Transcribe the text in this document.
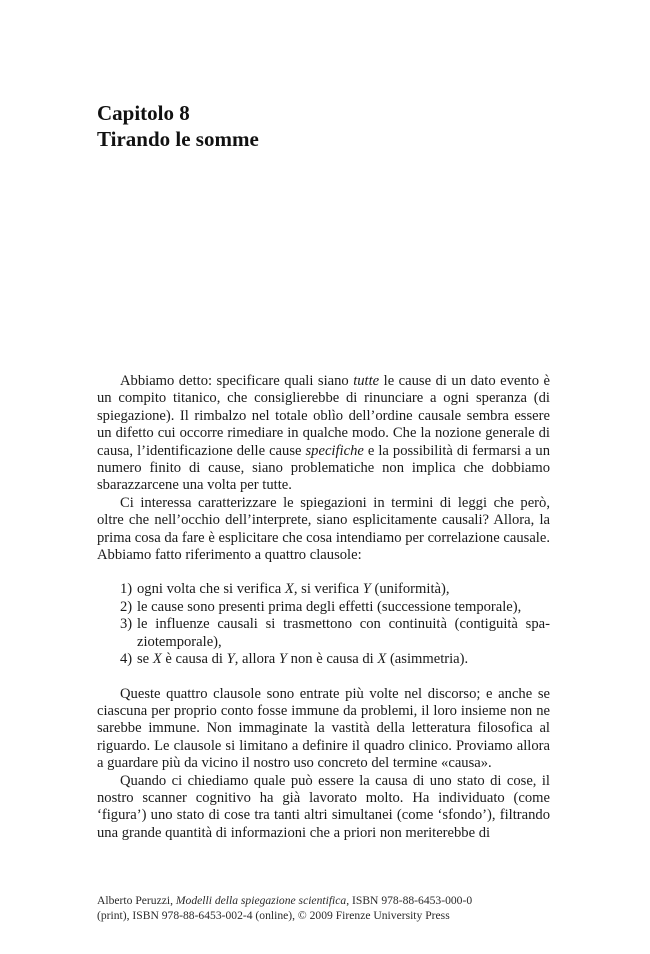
Capitolo 8
Tirando le somme

Abbiamo detto: specificare quali siano tutte le cause di un dato evento è un compito titanico, che consiglierebbe di rinunciare a ogni speranza (di spiegazione). Il rimbalzo nel totale oblìo dell’ordine causale sembra essere un difetto cui occorre rimediare in qualche modo. Che la nozione generale di causa, l’identificazione delle cause specifiche e la possibilità di fermarsi a un numero finito di cause, siano problematiche non implica che dobbiamo sbarazzarcene una volta per tutte.

Ci interessa caratterizzare le spiegazioni in termini di leggi che però, oltre che nell’occhio dell’interprete, siano esplicitamente causali? Allora, la prima cosa da fare è esplicitare che cosa intendiamo per correlazione causale. Abbiamo fatto riferimento a quattro clausole:

1) ogni volta che si verifica X, si verifica Y (uniformità),
2) le cause sono presenti prima degli effetti (successione temporale),
3) le influenze causali si trasmettono con continuità (contiguità spaziotemporale),
4) se X è causa di Y, allora Y non è causa di X (asimmetria).

Queste quattro clausole sono entrate più volte nel discorso; e anche se ciascuna per proprio conto fosse immune da problemi, il loro insieme non ne sarebbe immune. Non immaginate la vastità della letteratura filosofica al riguardo. Le clausole si limitano a definire il quadro clinico. Proviamo allora a guardare più da vicino il nostro uso concreto del termine «causa».

Quando ci chiediamo quale può essere la causa di uno stato di cose, il nostro scanner cognitivo ha già lavorato molto. Ha individuato (come ‘figura’) uno stato di cose tra tanti altri simultanei (come ‘sfondo’), filtrando una grande quantità di informazioni che a priori non meriterebbe di

Alberto Peruzzi, Modelli della spiegazione scientifica, ISBN 978-88-6453-000-0
(print), ISBN 978-88-6453-002-4 (online), © 2009 Firenze University Press
